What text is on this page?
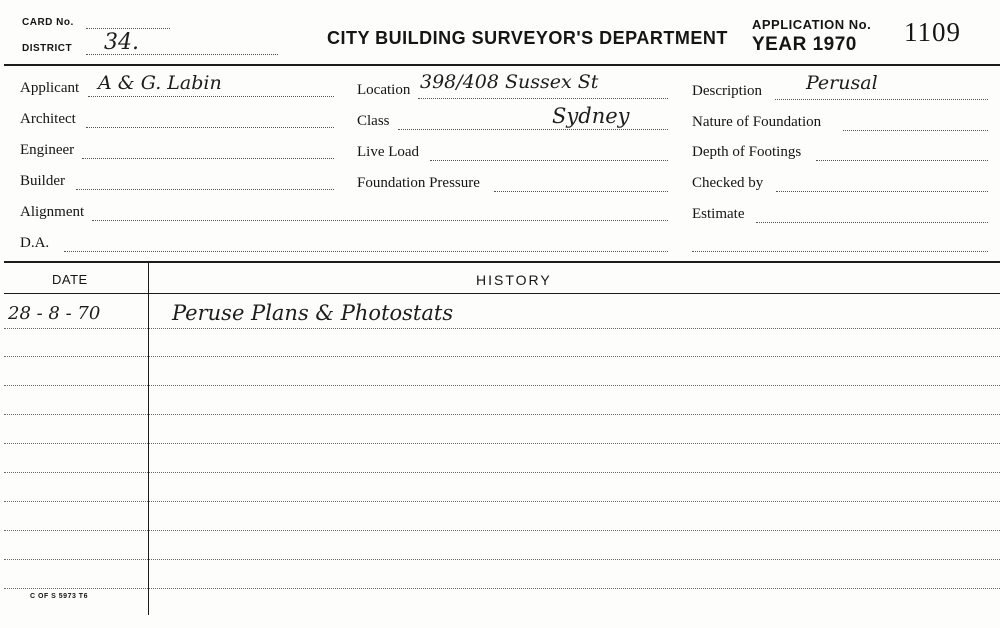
CARD No.
DISTRICT 34.	CITY BUILDING SURVEYOR'S DEPARTMENT
APPLICATION No.
YEAR 1970 1109
Applicant A & G. Labin
Architect
Engineer
Builder
Alignment
D.A.
Location 398/408 Sussex St
Class	Sydney
Live Load
Foundation Pressure
Description Perusal
Nature of Foundation
Depth of Footings
Checked by
Estimate
DATE	HISTORY
28 - 8 - 70	Peruse Plans & Photostats
C OF S 5973 T6
